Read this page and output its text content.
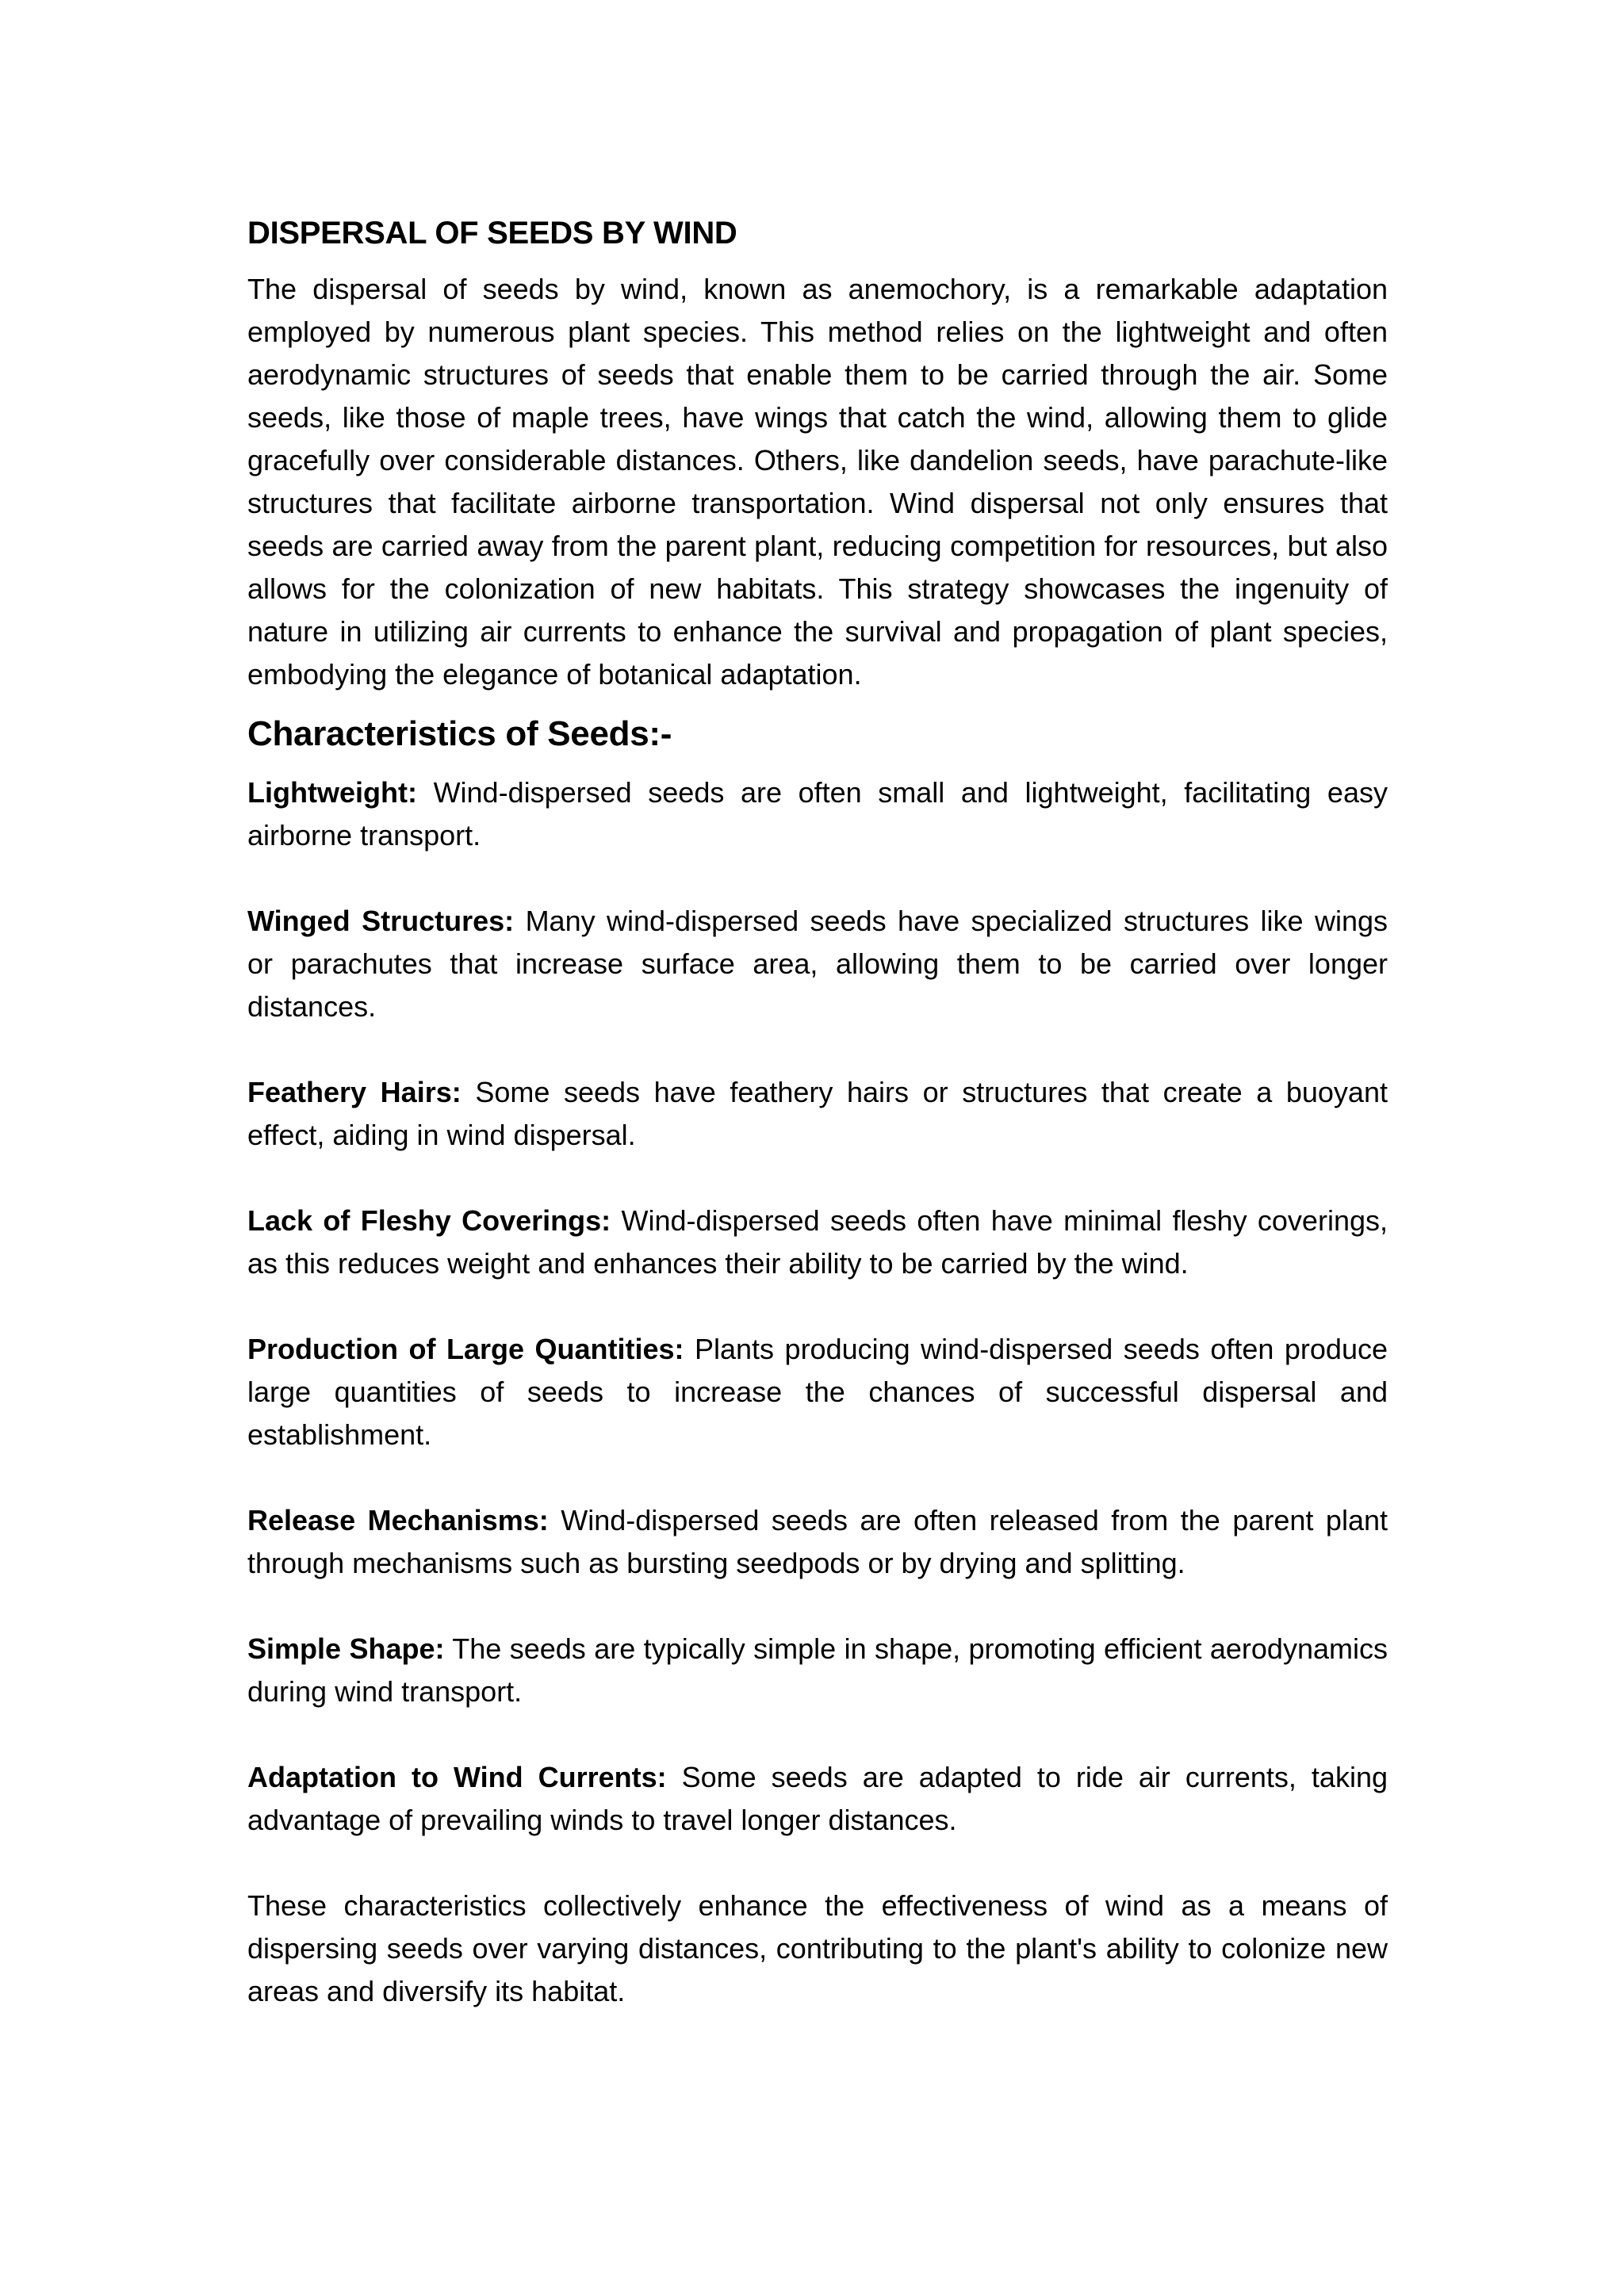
DISPERSAL OF SEEDS BY WIND

The dispersal of seeds by wind, known as anemochory, is a remarkable adaptation employed by numerous plant species. This method relies on the lightweight and often aerodynamic structures of seeds that enable them to be carried through the air. Some seeds, like those of maple trees, have wings that catch the wind, allowing them to glide gracefully over considerable distances. Others, like dandelion seeds, have parachute-like structures that facilitate airborne transportation. Wind dispersal not only ensures that seeds are carried away from the parent plant, reducing competition for resources, but also allows for the colonization of new habitats. This strategy showcases the ingenuity of nature in utilizing air currents to enhance the survival and propagation of plant species, embodying the elegance of botanical adaptation.

Characteristics of Seeds:-

Lightweight: Wind-dispersed seeds are often small and lightweight, facilitating easy airborne transport.

Winged Structures: Many wind-dispersed seeds have specialized structures like wings or parachutes that increase surface area, allowing them to be carried over longer distances.

Feathery Hairs: Some seeds have feathery hairs or structures that create a buoyant effect, aiding in wind dispersal.

Lack of Fleshy Coverings: Wind-dispersed seeds often have minimal fleshy coverings, as this reduces weight and enhances their ability to be carried by the wind.

Production of Large Quantities: Plants producing wind-dispersed seeds often produce large quantities of seeds to increase the chances of successful dispersal and establishment.

Release Mechanisms: Wind-dispersed seeds are often released from the parent plant through mechanisms such as bursting seedpods or by drying and splitting.

Simple Shape: The seeds are typically simple in shape, promoting efficient aerodynamics during wind transport.

Adaptation to Wind Currents: Some seeds are adapted to ride air currents, taking advantage of prevailing winds to travel longer distances.

These characteristics collectively enhance the effectiveness of wind as a means of dispersing seeds over varying distances, contributing to the plant's ability to colonize new areas and diversify its habitat.
